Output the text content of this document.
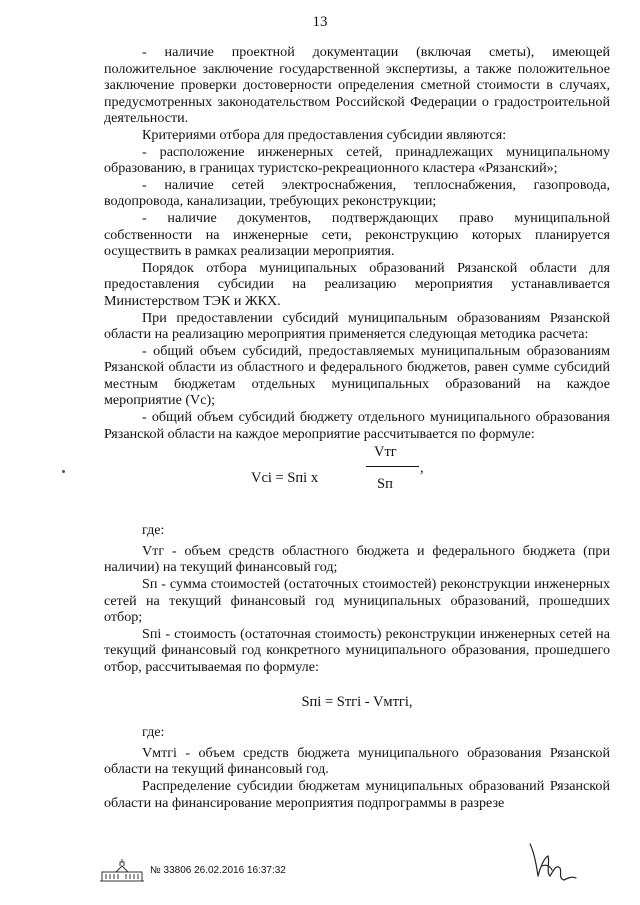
13

- наличие проектной документации (включая сметы), имеющей положительное заключение государственной экспертизы, а также положительное заключение проверки достоверности определения сметной стоимости в случаях, предусмотренных законодательством Российской Федерации о градостроительной деятельности.

Критериями отбора для предоставления субсидии являются:

- расположение инженерных сетей, принадлежащих муниципальному образованию, в границах туристско-рекреационного кластера «Рязанский»;

- наличие сетей электроснабжения, теплоснабжения, газопровода, водопровода, канализации, требующих реконструкции;

- наличие документов, подтверждающих право муниципальной собственности на инженерные сети, реконструкцию которых планируется осуществить в рамках реализации мероприятия.

Порядок отбора муниципальных образований Рязанской области для предоставления субсидии на реализацию мероприятия устанавливается Министерством ТЭК и ЖКХ.

При предоставлении субсидий муниципальным образованиям Рязанской области на реализацию мероприятия применяется следующая методика расчета:

- общий объем субсидий, предоставляемых муниципальным образованиям Рязанской области из областного и федерального бюджетов, равен сумме субсидий местным бюджетам отдельных муниципальных образований на каждое мероприятие (Vс);

- общий объем субсидий бюджету отдельного муниципального образования Рязанской области на каждое мероприятие рассчитывается по формуле:

Vci = Sпi x
Vтг
,
Sп

где:

Vтг - объем средств областного бюджета и федерального бюджета (при наличии) на текущий финансовый год;

Sп - сумма стоимостей (остаточных стоимостей) реконструкции инженерных сетей на текущий финансовый год муниципальных образований, прошедших отбор;

Sпi - стоимость (остаточная стоимость) реконструкции инженерных сетей на текущий финансовый год конкретного муниципального образования, прошедшего отбор, рассчитываемая по формуле:

Sпi = Sтгi - Vмтгi,

где:

Vмтгi - объем средств бюджета муниципального образования Рязанской области на текущий финансовый год.

Распределение субсидии бюджетам муниципальных образований Рязанской области на финансирование мероприятия подпрограммы в разрезе

№ 33806 26.02.2016 16:37:32
